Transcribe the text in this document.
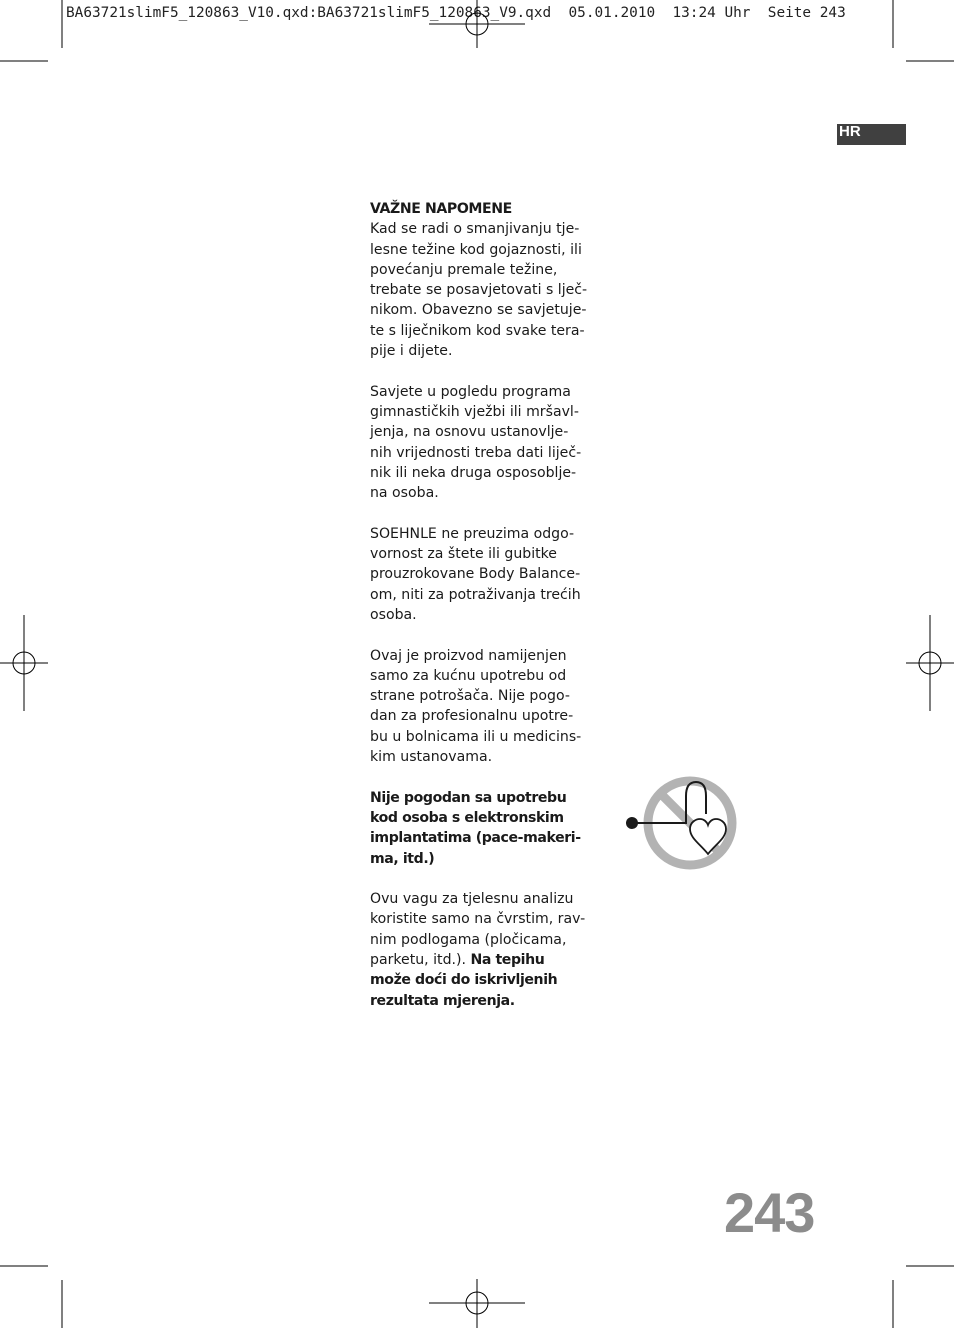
BA63721slimF5_120863_V10.qxd:BA63721slimF5_120863_V9.qxd  05.01.2010  13:24 Uhr  Seite 243
HR
VAŽNE NAPOMENE

Kad se radi o smanjivanju tje-
lesne težine kod gojaznosti, ili
povećanju premale težine,
trebate se posavjetovati s lječ-
nikom. Obavezno se savjetuje-
te s liječnikom kod svake tera-
pije i dijete.

Savjete u pogledu programa
gimnastičkih vježbi ili mršavl-
jenja, na osnovu ustanovlje-
nih vrijednosti treba dati liječ-
nik ili neka druga osposoblje-
na osoba.

SOEHNLE ne preuzima odgo-
vornost za štete ili gubitke
prouzrokovane Body Balance-
om, niti za potraživanja trećih
osoba.

Ovaj je proizvod namijenjen
samo za kućnu upotrebu od
strane potrošača. Nije pogo-
dan za profesionalnu upotre-
bu u bolnicama ili u medicins-
kim ustanovama.

Nije pogodan sa upotrebu
kod osoba s elektronskim
implantatima (pace-makeri-
ma, itd.)

Ovu vagu za tjelesnu analizu
koristite samo na čvrstim, rav-
nim podlogama (pločicama,
parketu, itd.). Na tepihu
može doći do iskrivljenih
rezultata mjerenja.

243
